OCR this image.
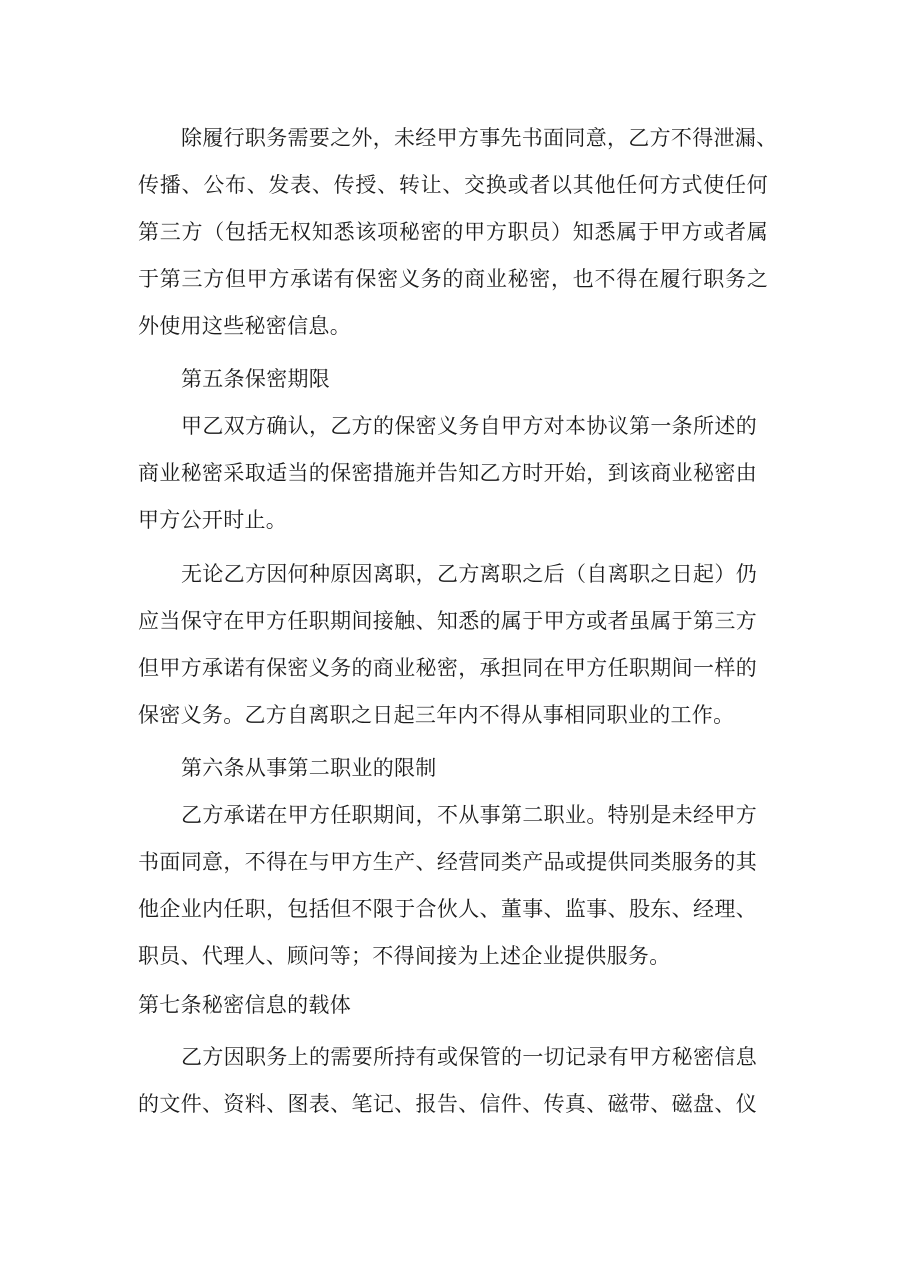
除履行职务需要之外，未经甲方事先书面同意，乙方不得泄漏、
传播、公布、发表、传授、转让、交换或者以其他任何方式使任何
第三方（包括无权知悉该项秘密的甲方职员）知悉属于甲方或者属
于第三方但甲方承诺有保密义务的商业秘密，也不得在履行职务之
外使用这些秘密信息。
第五条保密期限
甲乙双方确认，乙方的保密义务自甲方对本协议第一条所述的
商业秘密采取适当的保密措施并告知乙方时开始，到该商业秘密由
甲方公开时止。
无论乙方因何种原因离职，乙方离职之后（自离职之日起）仍
应当保守在甲方任职期间接触、知悉的属于甲方或者虽属于第三方
但甲方承诺有保密义务的商业秘密，承担同在甲方任职期间一样的
保密义务。乙方自离职之日起三年内不得从事相同职业的工作。
第六条从事第二职业的限制
乙方承诺在甲方任职期间，不从事第二职业。特别是未经甲方
书面同意，不得在与甲方生产、经营同类产品或提供同类服务的其
他企业内任职，包括但不限于合伙人、董事、监事、股东、经理、
职员、代理人、顾问等；不得间接为上述企业提供服务。
第七条秘密信息的载体
乙方因职务上的需要所持有或保管的一切记录有甲方秘密信息
的文件、资料、图表、笔记、报告、信件、传真、磁带、磁盘、仪
